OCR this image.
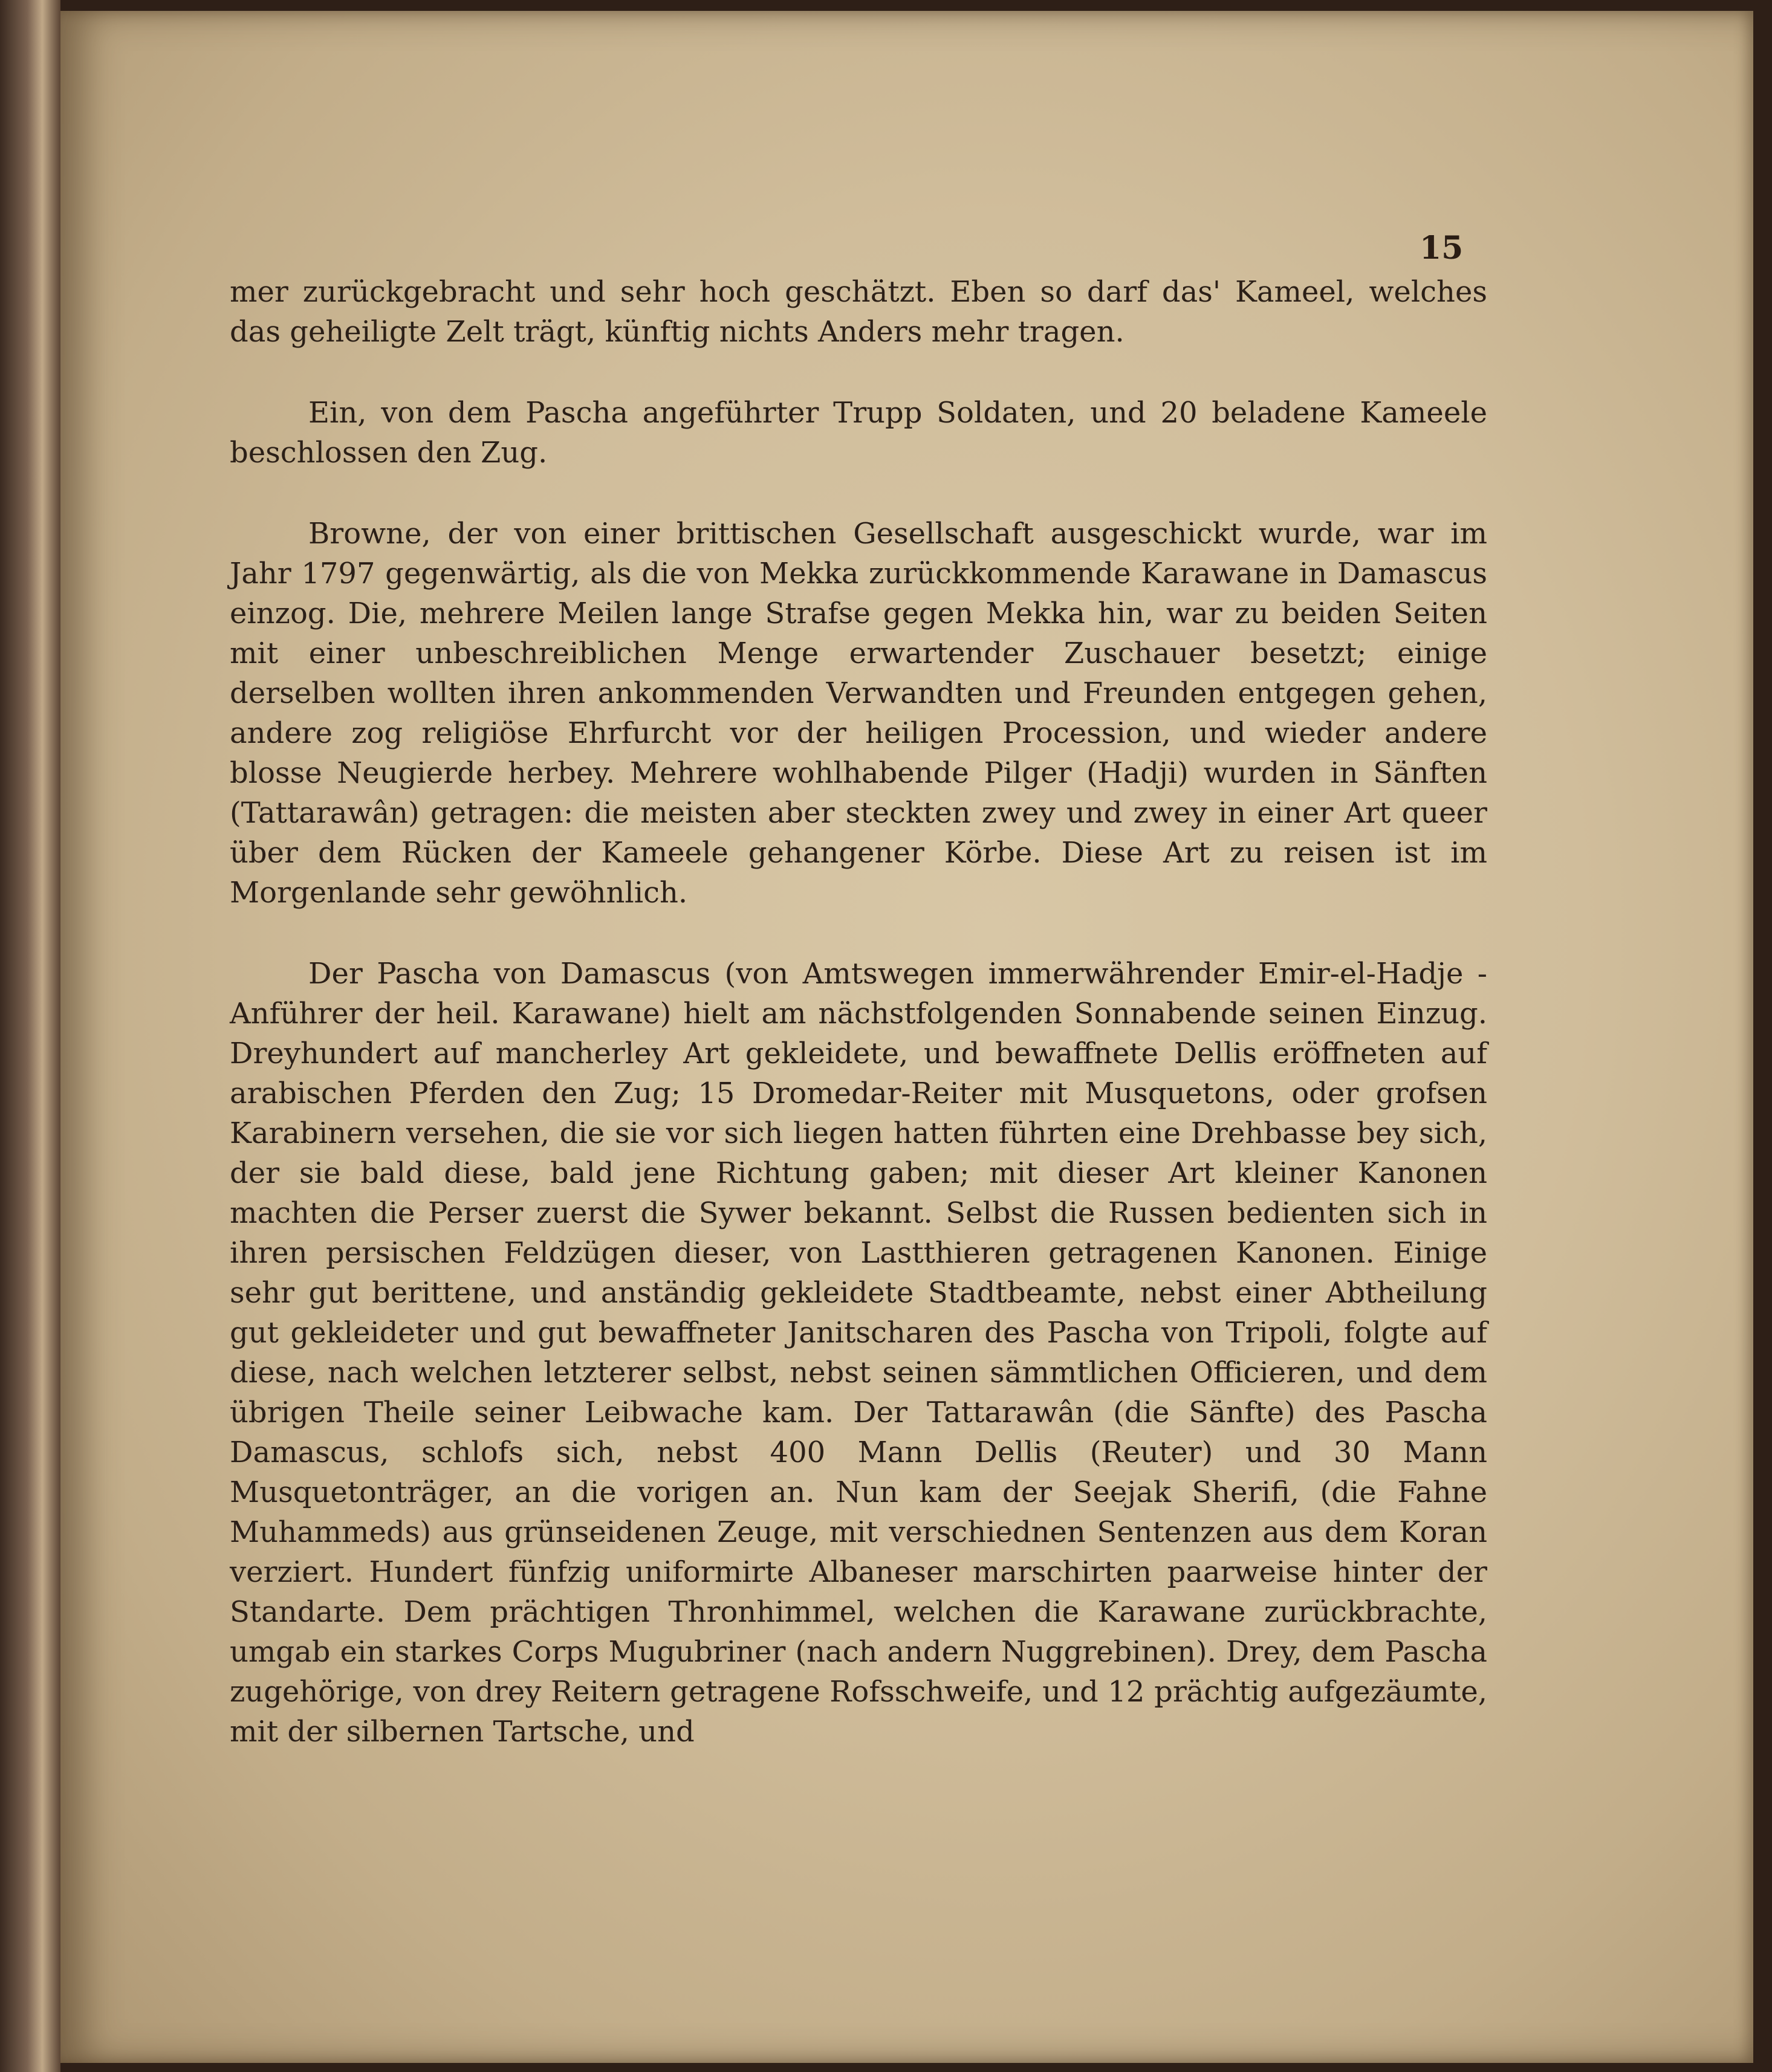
15

mer zurückgebracht und sehr hoch geschätzt. Eben so darf das' Kameel, welches das geheiligte Zelt trägt, künftig nichts Anders mehr tragen.

Ein, von dem Pascha angeführter Trupp Soldaten, und 20 beladene Kameele beschlossen den Zug.

Browne, der von einer brittischen Gesellschaft ausgeschickt wurde, war im Jahr 1797 gegenwärtig, als die von Mekka zurückkommende Karawane in Damascus einzog. Die, mehrere Meilen lange Strafse gegen Mekka hin, war zu beiden Seiten mit einer unbeschreiblichen Menge erwartender Zuschauer besetzt; einige derselben wollten ihren ankommenden Verwandten und Freunden entgegen gehen, andere zog religiöse Ehrfurcht vor der heiligen Procession, und wieder andere blosse Neugierde herbey. Mehrere wohlhabende Pilger (Hadji) wurden in Sänften (Tattarawân) getragen: die meisten aber steckten zwey und zwey in einer Art queer über dem Rücken der Kameele gehangener Körbe. Diese Art zu reisen ist im Morgenlande sehr gewöhnlich.

Der Pascha von Damascus (von Amtswegen immerwährender Emir-el-Hadje - Anführer der heil. Karawane) hielt am nächstfolgenden Sonnabende seinen Einzug. Dreyhundert auf mancherley Art gekleidete, und bewaffnete Dellis eröffneten auf arabischen Pferden den Zug; 15 Dromedar-Reiter mit Musquetons, oder grofsen Karabinern versehen, die sie vor sich liegen hatten führten eine Drehbasse bey sich, der sie bald diese, bald jene Richtung gaben; mit dieser Art kleiner Kanonen machten die Perser zuerst die Sywer bekannt. Selbst die Russen bedienten sich in ihren persischen Feldzügen dieser, von Lastthieren getragenen Kanonen. Einige sehr gut berittene, und anständig gekleidete Stadtbeamte, nebst einer Abtheilung gut gekleideter und gut bewaffneter Janitscharen des Pascha von Tripoli, folgte auf diese, nach welchen letzterer selbst, nebst seinen sämmtlichen Officieren, und dem übrigen Theile seiner Leibwache kam. Der Tattarawân (die Sänfte) des Pascha Damascus, schlofs sich, nebst 400 Mann Dellis (Reuter) und 30 Mann Musquetonträger, an die vorigen an. Nun kam der Seejak Sherifi, (die Fahne Muhammeds) aus grünseidenen Zeuge, mit verschiednen Sentenzen aus dem Koran verziert. Hundert fünfzig uniformirte Albaneser marschirten paarweise hinter der Standarte. Dem prächtigen Thronhimmel, welchen die Karawane zurückbrachte, umgab ein starkes Corps Mugubriner (nach andern Nuggrebinen). Drey, dem Pascha zugehörige, von drey Reitern getragene Rofsschweife, und 12 prächtig aufgezäumte, mit der silbernen Tartsche, und
